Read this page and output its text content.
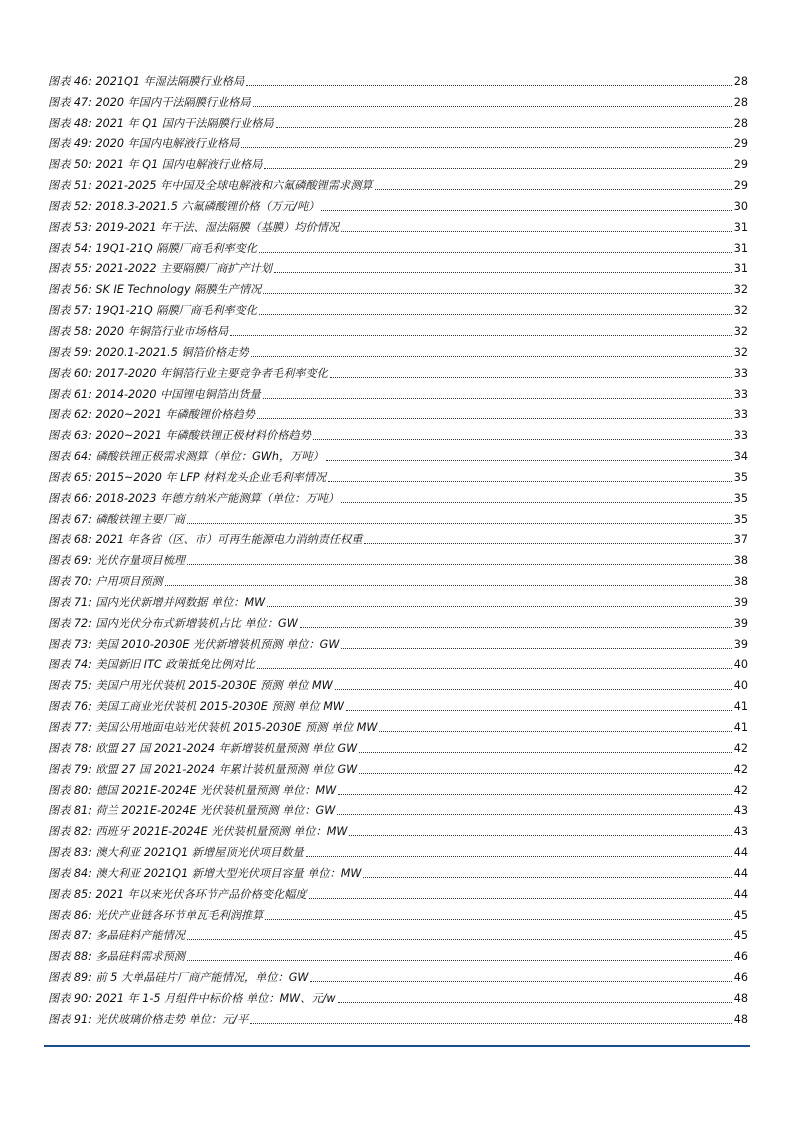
图表 46: 2021Q1 年湿法隔膜行业格局	28
图表 47: 2020 年国内干法隔膜行业格局	28
图表 48: 2021 年 Q1 国内干法隔膜行业格局	28
图表 49: 2020 年国内电解液行业格局	29
图表 50: 2021 年 Q1 国内电解液行业格局	29
图表 51: 2021-2025 年中国及全球电解液和六氟磷酸锂需求测算	29
图表 52: 2018.3-2021.5 六氟磷酸锂价格（万元/吨）	30
图表 53: 2019-2021 年干法、湿法隔膜（基膜）均价情况	31
图表 54: 19Q1-21Q 隔膜厂商毛利率变化	31
图表 55: 2021-2022 主要隔膜厂商扩产计划	31
图表 56: SK IE Technology 隔膜生产情况	32
图表 57: 19Q1-21Q 隔膜厂商毛利率变化	32
图表 58: 2020 年铜箔行业市场格局	32
图表 59: 2020.1-2021.5 铜箔价格走势	32
图表 60: 2017-2020 年铜箔行业主要竞争者毛利率变化	33
图表 61: 2014-2020 中国锂电铜箔出货量	33
图表 62: 2020~2021 年磷酸锂价格趋势	33
图表 63: 2020~2021 年磷酸铁锂正极材料价格趋势	33
图表 64: 磷酸铁锂正极需求测算（单位：GWh，万吨）	34
图表 65: 2015~2020 年 LFP 材料龙头企业毛利率情况	35
图表 66: 2018-2023 年德方纳米产能测算（单位：万吨）	35
图表 67: 磷酸铁锂主要厂商	35
图表 68: 2021 年各省（区、市）可再生能源电力消纳责任权重	37
图表 69: 光伏存量项目梳理	38
图表 70: 户用项目预测	38
图表 71: 国内光伏新增并网数据 单位：MW	39
图表 72: 国内光伏分布式新增装机占比 单位：GW	39
图表 73: 美国 2010-2030E 光伏新增装机预测 单位：GW	39
图表 74: 美国新旧 ITC 政策抵免比例对比	40
图表 75: 美国户用光伏装机 2015-2030E 预测 单位 MW	40
图表 76: 美国工商业光伏装机 2015-2030E 预测 单位 MW	41
图表 77: 美国公用地面电站光伏装机 2015-2030E 预测 单位 MW	41
图表 78: 欧盟 27 国 2021-2024 年新增装机量预测 单位 GW	42
图表 79: 欧盟 27 国 2021-2024 年累计装机量预测 单位 GW	42
图表 80: 德国 2021E-2024E 光伏装机量预测 单位：MW	42
图表 81: 荷兰 2021E-2024E 光伏装机量预测 单位：GW	43
图表 82: 西班牙 2021E-2024E 光伏装机量预测 单位：MW	43
图表 83: 澳大利亚 2021Q1 新增屋顶光伏项目数量	44
图表 84: 澳大利亚 2021Q1 新增大型光伏项目容量 单位：MW	44
图表 85: 2021 年以来光伏各环节产品价格变化幅度	44
图表 86: 光伏产业链各环节单瓦毛利润推算	45
图表 87: 多晶硅料产能情况	45
图表 88: 多晶硅料需求预测	46
图表 89: 前 5 大单晶硅片厂商产能情况，单位：GW	46
图表 90: 2021 年 1-5 月组件中标价格 单位：MW、元/w	48
图表 91: 光伏玻璃价格走势 单位：元/平	48
